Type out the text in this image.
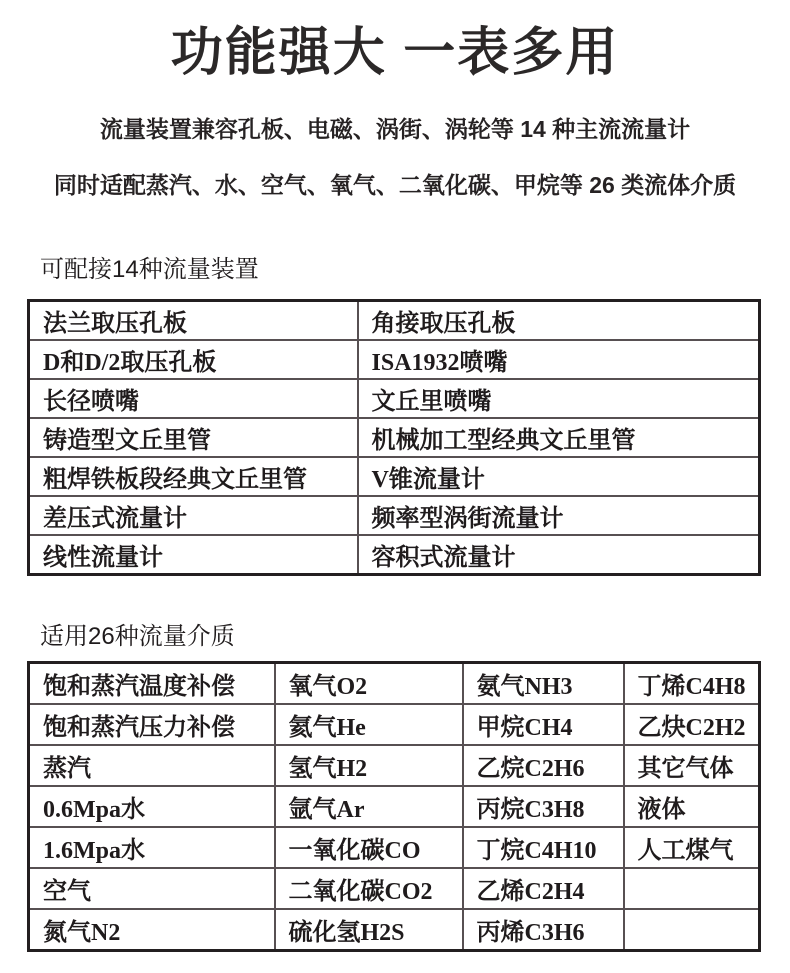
功能强大 一表多用

流量装置兼容孔板、电磁、涡街、涡轮等 14 种主流流量计

同时适配蒸汽、水、空气、氧气、二氧化碳、甲烷等 26 类流体介质

可配接14种流量装置
法兰取压孔板	角接取压孔板
D和D/2取压孔板	ISA1932喷嘴
长径喷嘴	文丘里喷嘴
铸造型文丘里管	机械加工型经典文丘里管
粗焊铁板段经典文丘里管	V锥流量计
差压式流量计	频率型涡街流量计
线性流量计	容积式流量计
适用26种流量介质
饱和蒸汽温度补偿	氧气O2	氨气NH3	丁烯C4H8
饱和蒸汽压力补偿	氦气He	甲烷CH4	乙炔C2H2
蒸汽	氢气H2	乙烷C2H6	其它气体
0.6Mpa水	氩气Ar	丙烷C3H8	液体
1.6Mpa水	一氧化碳CO	丁烷C4H10	人工煤气
空气	二氧化碳CO2	乙烯C2H4	
氮气N2	硫化氢H2S	丙烯C3H6	
